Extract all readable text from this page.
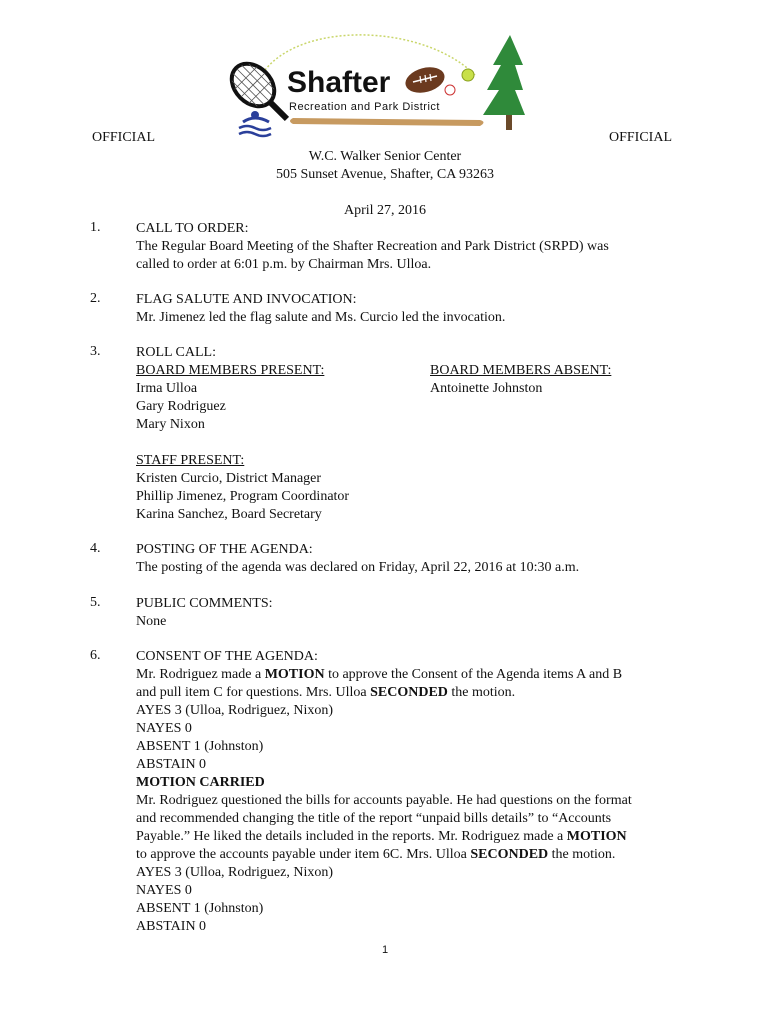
Shafter
Recreation and Park District
OFFICIAL	OFFICIAL
W.C. Walker Senior Center
505 Sunset Avenue, Shafter, CA 93263
April 27, 2016
1.	CALL TO ORDER:
The Regular Board Meeting of the Shafter Recreation and Park District (SRPD) was
called to order at 6:01 p.m. by Chairman Mrs. Ulloa.
2.	FLAG SALUTE AND INVOCATION:
Mr. Jimenez led the flag salute and Ms. Curcio led the invocation.
3.	ROLL CALL:
BOARD MEMBERS PRESENT:
Irma Ulloa
Gary Rodriguez
Mary Nixon
BOARD MEMBERS ABSENT:
Antoinette Johnston
STAFF PRESENT:
Kristen Curcio, District Manager
Phillip Jimenez, Program Coordinator
Karina Sanchez, Board Secretary
4.	POSTING OF THE AGENDA:
The posting of the agenda was declared on Friday, April 22, 2016 at 10:30 a.m.
5.	PUBLIC COMMENTS:
None
6.	CONSENT OF THE AGENDA:
Mr. Rodriguez made a MOTION to approve the Consent of the Agenda items A and B
and pull item C for questions. Mrs. Ulloa SECONDED the motion.
AYES 3 (Ulloa, Rodriguez, Nixon)
NAYES 0
ABSENT 1 (Johnston)
ABSTAIN 0
MOTION CARRIED
Mr. Rodriguez questioned the bills for accounts payable. He had questions on the format
and recommended changing the title of the report “unpaid bills details” to “Accounts
Payable.” He liked the details included in the reports. Mr. Rodriguez made a MOTION
to approve the accounts payable under item 6C. Mrs. Ulloa SECONDED the motion.
AYES 3 (Ulloa, Rodriguez, Nixon)
NAYES 0
ABSENT 1 (Johnston)
ABSTAIN 0
1
